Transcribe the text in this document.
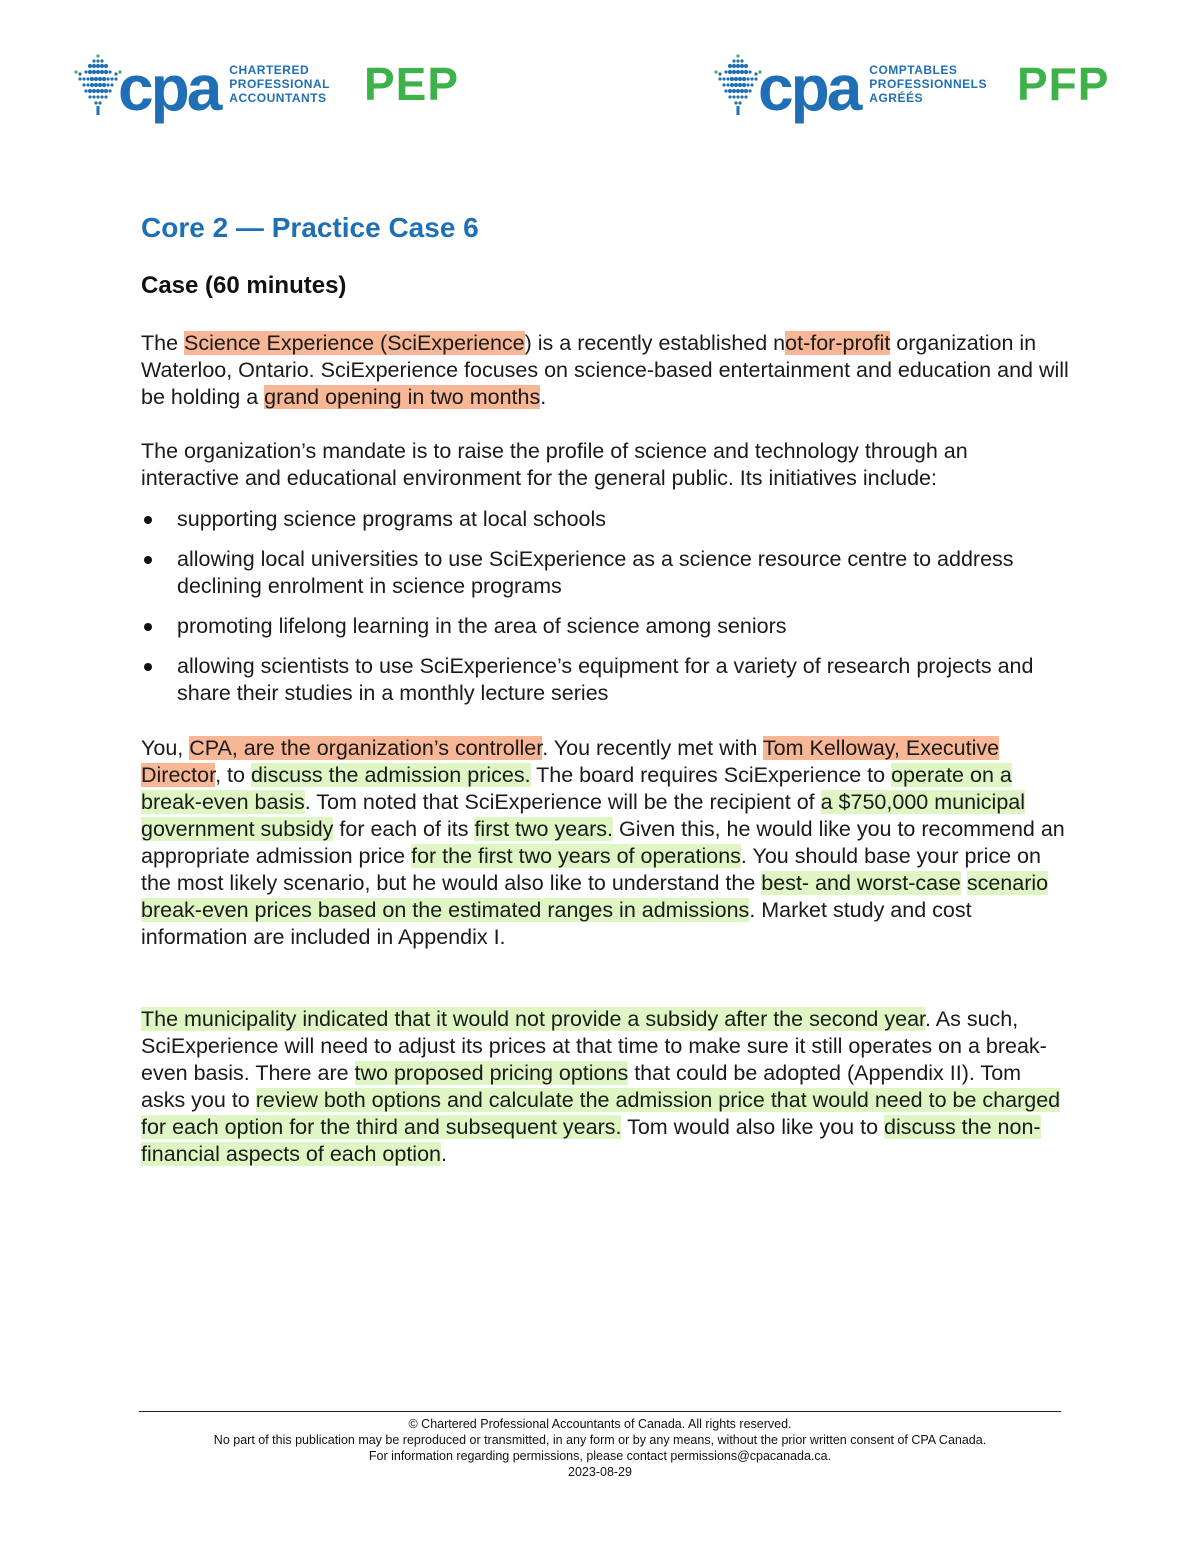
cpa CHARTERED
PROFESSIONAL
ACCOUNTANTS PEP	cpa COMPTABLES
PROFESSIONNELS
AGRÉÉS	PFP
Core 2 — Practice Case 6
Case (60 minutes)

The Science Experience (SciExperience) is a recently established not-for-profit organization in Waterloo, Ontario. SciExperience focuses on science-based entertainment and education and will be holding a grand opening in two months.

The organization’s mandate is to raise the profile of science and technology through an interactive and educational environment for the general public. Its initiatives include:

supporting science programs at local schools
allowing local universities to use SciExperience as a science resource centre to address declining enrolment in science programs
promoting lifelong learning in the area of science among seniors
allowing scientists to use SciExperience’s equipment for a variety of research projects and share their studies in a monthly lecture series

You, CPA, are the organization’s controller. You recently met with Tom Kelloway, Executive Director, to discuss the admission prices. The board requires SciExperience to operate on a break-even basis. Tom noted that SciExperience will be the recipient of a $750,000 municipal government subsidy for each of its first two years. Given this, he would like you to recommend an appropriate admission price for the first two years of operations. You should base your price on the most likely scenario, but he would also like to understand the best- and worst-case scenario break-even prices based on the estimated ranges in admissions. Market study and cost information are included in Appendix I.

The municipality indicated that it would not provide a subsidy after the second year. As such, SciExperience will need to adjust its prices at that time to make sure it still operates on a break-even basis. There are two proposed pricing options that could be adopted (Appendix II). Tom asks you to review both options and calculate the admission price that would need to be charged for each option for the third and subsequent years. Tom would also like you to discuss the non-financial aspects of each option.

© Chartered Professional Accountants of Canada. All rights reserved.
No part of this publication may be reproduced or transmitted, in any form or by any means, without the prior written consent of CPA Canada.
For information regarding permissions, please contact permissions@cpacanada.ca.
2023-08-29
